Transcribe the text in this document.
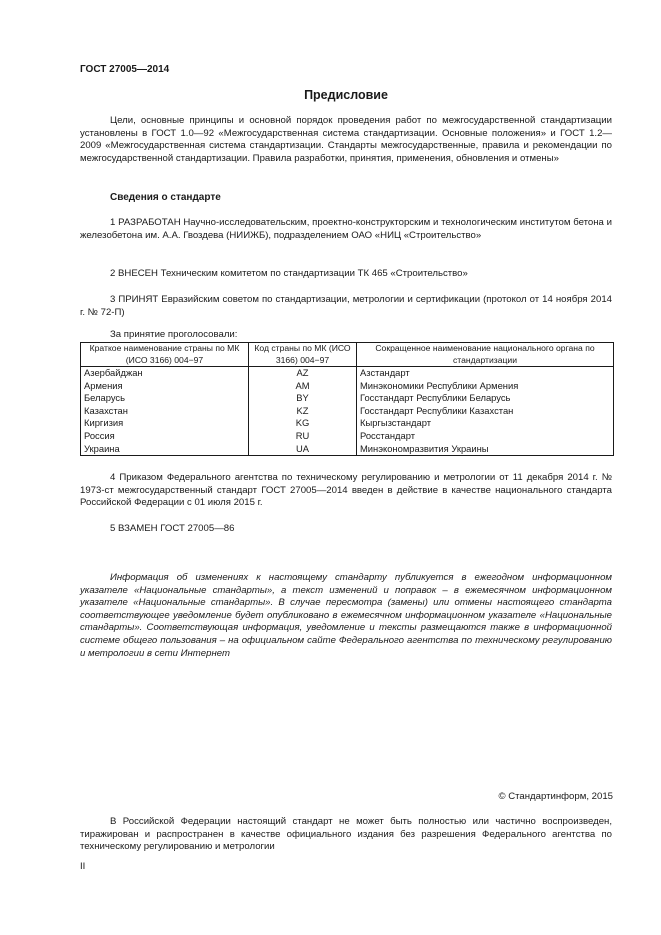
ГОСТ 27005—2014
Предисловие

Цели, основные принципы и основной порядок проведения работ по межгосударственной стандартизации установлены в ГОСТ 1.0—92 «Межгосударственная система стандартизации. Основные положения» и ГОСТ 1.2—2009 «Межгосударственная система стандартизации. Стандарты межгосударственные, правила и рекомендации по межгосударственной стандартизации. Правила разработки, принятия, применения, обновления и отмены»

Сведения о стандарте

1 РАЗРАБОТАН Научно-исследовательским, проектно-конструкторским и технологическим институтом бетона и железобетона им. А.А. Гвоздева (НИИЖБ), подразделением ОАО «НИЦ «Строительство»

2 ВНЕСЕН Техническим комитетом по стандартизации ТК 465 «Строительство»

3 ПРИНЯТ Евразийским советом по стандартизации, метрологии и сертификации (протокол от 14 ноября 2014 г. № 72-П)

За принятие проголосовали:
Краткое наименование страны по МК (ИСО 3166) 004−97	Код страны по МК (ИСО 3166) 004−97	Сокращенное наименование национального органа по стандартизации
Азербайджан	AZ	Азстандарт
Армения	AM	Минэкономики Республики Армения
Беларусь	BY	Госстандарт Республики Беларусь
Казахстан	KZ	Госстандарт Республики Казахстан
Киргизия	KG	Кыргызстандарт
Россия	RU	Росстандарт
Украина	UA	Минэкономразвития Украины

4 Приказом Федерального агентства по техническому регулированию и метрологии от 11 декабря 2014 г. № 1973-ст межгосударственный стандарт ГОСТ 27005—2014 введен в действие в качестве национального стандарта Российской Федерации с 01 июля 2015 г.

5 ВЗАМЕН ГОСТ 27005—86

Информация об изменениях к настоящему стандарту публикуется в ежегодном информационном указателе «Национальные стандарты», а текст изменений и поправок – в ежемесячном информационном указателе «Национальные стандарты». В случае пересмотра (замены) или отмены настоящего стандарта соответствующее уведомление будет опубликовано в ежемесячном информационном указателе «Национальные стандарты». Соответствующая информация, уведомление и тексты размещаются также в информационной системе общего пользования – на официальном сайте Федерального агентства по техническому регулированию и метрологии в сети Интернет

© Стандартинформ, 2015

В Российской Федерации настоящий стандарт не может быть полностью или частично воспроизведен, тиражирован и распространен в качестве официального издания без разрешения Федерального агентства по техническому регулированию и метрологии

II
